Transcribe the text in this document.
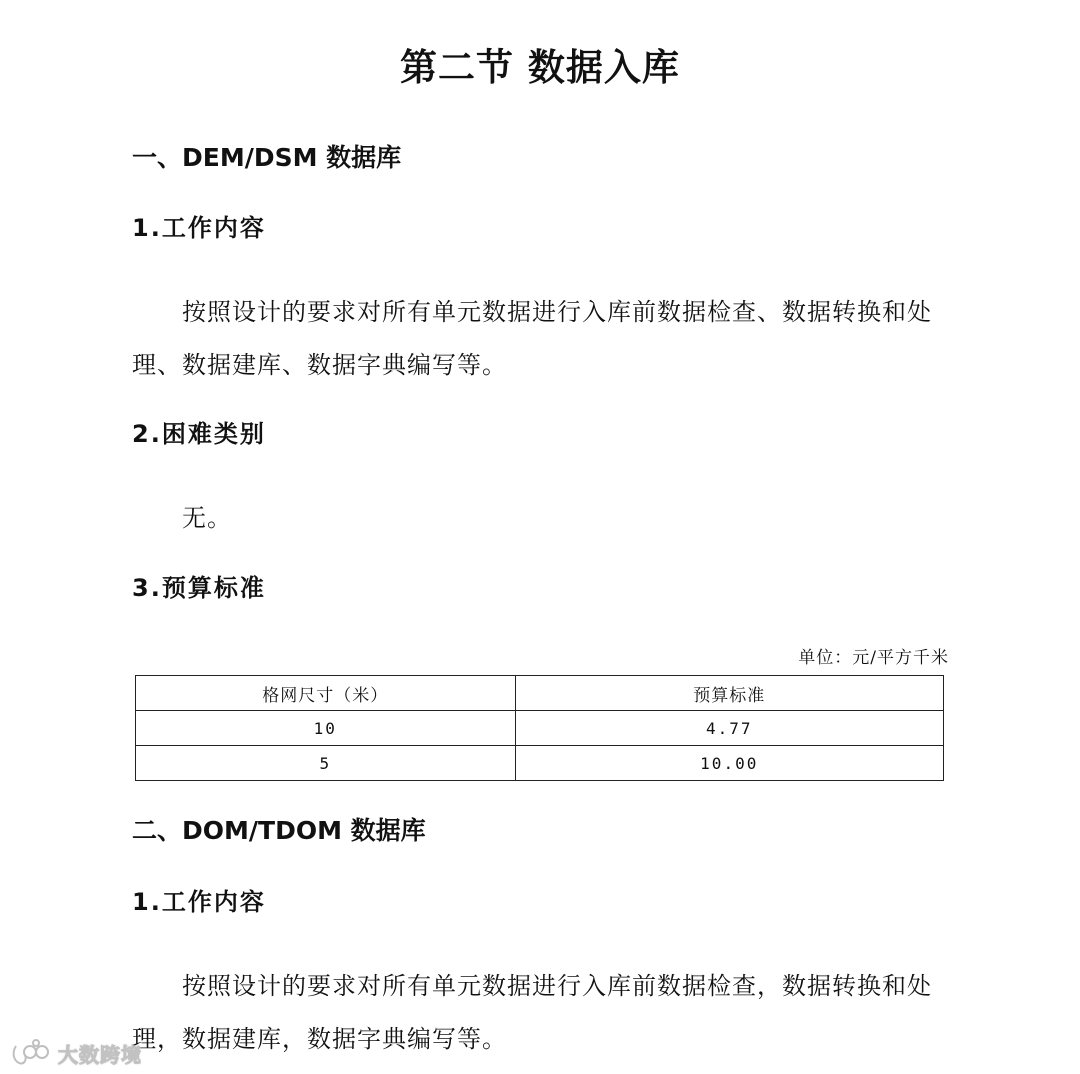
第二节 数据入库
一、DEM/DSM 数据库
1.工作内容

按照设计的要求对所有单元数据进行入库前数据检查、数据转换和处理、数据建库、数据字典编写等。

2.困难类别

无。

3.预算标准

单位：元/平方千米

格网尺寸（米）	预算标准
10	4.77
5	10.00
二、DOM/TDOM 数据库
1.工作内容

按照设计的要求对所有单元数据进行入库前数据检查，数据转换和处理，数据建库，数据字典编写等。

大数跨境
